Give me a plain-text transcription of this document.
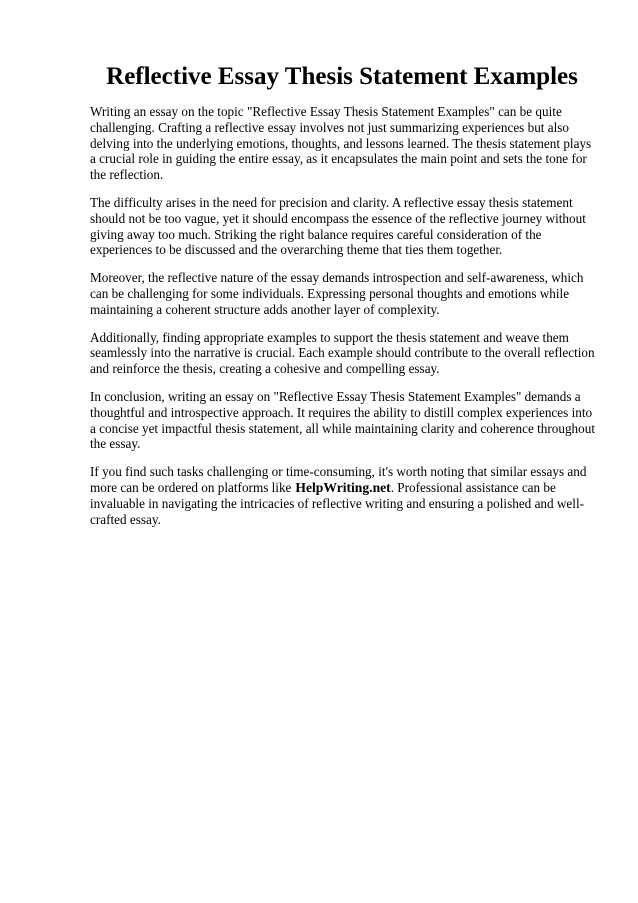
Reflective Essay Thesis Statement Examples

Writing an essay on the topic "Reflective Essay Thesis Statement Examples" can be quite challenging. Crafting a reflective essay involves not just summarizing experiences but also delving into the underlying emotions, thoughts, and lessons learned. The thesis statement plays a crucial role in guiding the entire essay, as it encapsulates the main point and sets the tone for the reflection.

The difficulty arises in the need for precision and clarity. A reflective essay thesis statement should not be too vague, yet it should encompass the essence of the reflective journey without giving away too much. Striking the right balance requires careful consideration of the experiences to be discussed and the overarching theme that ties them together.

Moreover, the reflective nature of the essay demands introspection and self-awareness, which can be challenging for some individuals. Expressing personal thoughts and emotions while maintaining a coherent structure adds another layer of complexity.

Additionally, finding appropriate examples to support the thesis statement and weave them seamlessly into the narrative is crucial. Each example should contribute to the overall reflection and reinforce the thesis, creating a cohesive and compelling essay.

In conclusion, writing an essay on "Reflective Essay Thesis Statement Examples" demands a thoughtful and introspective approach. It requires the ability to distill complex experiences into a concise yet impactful thesis statement, all while maintaining clarity and coherence throughout the essay.

If you find such tasks challenging or time-consuming, it's worth noting that similar essays and more can be ordered on platforms like HelpWriting.net. Professional assistance can be invaluable in navigating the intricacies of reflective writing and ensuring a polished and well-crafted essay.
